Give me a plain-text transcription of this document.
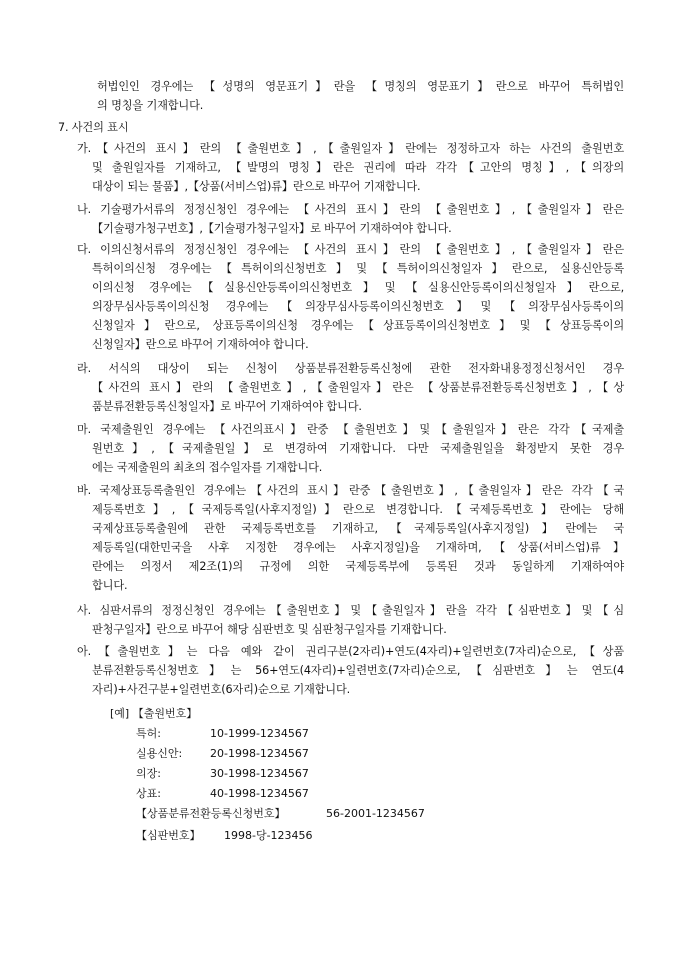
허법인인 경우에는 【성명의 영문표기】란을 【명칭의 영문표기】란으로 바꾸어 특허법인
의 명칭을 기재합니다.
7. 사건의 표시
가.【사건의 표시】란의 【출원번호】,【출원일자】란에는 정정하고자 하는 사건의 출원번호
및 출원일자를 기재하고, 【발명의 명칭】란은 권리에 따라 각각【고안의 명칭】,【의장의
대상이 되는 물품】,【상품(서비스업)류】란으로 바꾸어 기재합니다.
나. 기술평가서류의 정정신청인 경우에는 【사건의 표시】란의 【출원번호】,【출원일자】란은
【기술평가청구번호】,【기술평가청구일자】로 바꾸어 기재하여야 합니다.
다. 이의신청서류의 정정신청인 경우에는 【사건의 표시】란의 【출원번호】,【출원일자】란은
특허이의신청 경우에는【특허이의신청번호】및【특허이의신청일자】란으로, 실용신안등록
이의신청 경우에는【실용신안등록이의신청번호】및【실용신안등록이의신청일자】란으로,
의장무심사등록이의신청 경우에는【의장무심사등록이의신청번호】및【의장무심사등록이의
신청일자】란으로, 상표등록이의신청 경우에는【상표등록이의신청번호】및【상표등록이의
신청일자】란으로 바꾸어 기재하여야 합니다.
라. 서식의 대상이 되는 신청이 상품분류전환등록신청에 관한 전자화내용정정신청서인 경우
【사건의 표시】란의 【출원번호】,【출원일자】란은 【상품분류전환등록신청번호】,【상
품분류전환등록신청일자】로 바꾸어 기재하여야 합니다.
마. 국제출원인 경우에는 【사건의표시】란중 【출원번호】및【출원일자】란은 각각【국제출
원번호】,【국제출원일】로 변경하여 기재합니다. 다만 국제출원일을 확정받지 못한 경우
에는 국제출원의 최초의 접수일자를 기재합니다.
바. 국제상표등록출원인 경우에는【사건의 표시】란중【출원번호】,【출원일자】란은 각각【국
제등록번호】,【국제등록일(사후지정일)】란으로 변경합니다.【국제등록번호】란에는 당해
국제상표등록출원에 관한 국제등록번호를 기재하고,【국제등록일(사후지정일)】란에는 국
제등록일(대한민국을 사후 지정한 경우에는 사후지정일)을 기재하며,【상품(서비스업)류】
란에는 의정서 제2조(1)의 규정에 의한 국제등록부에 등록된 것과 동일하게 기재하여야
합니다.
사. 심판서류의 정정신청인 경우에는【출원번호】및【출원일자】란을 각각【심판번호】및【심
판청구일자】란으로 바꾸어 해당 심판번호 및 심판청구일자를 기재합니다.
아.【출원번호】는 다음 예와 같이 권리구분(2자리)+연도(4자리)+일련번호(7자리)순으로,【상품
분류전환등록신청번호】는 56+연도(4자리)+일련번호(7자리)순으로,【심판번호】는 연도(4
자리)+사건구분+일련번호(6자리)순으로 기재합니다.
[예] 【출원번호】
특허:	10-1999-1234567
실용신안:	20-1998-1234567
의장:	30-1998-1234567
상표:	40-1998-1234567
【상품분류전환등록신청번호】	56-2001-1234567
【심판번호】 1998-당-123456
